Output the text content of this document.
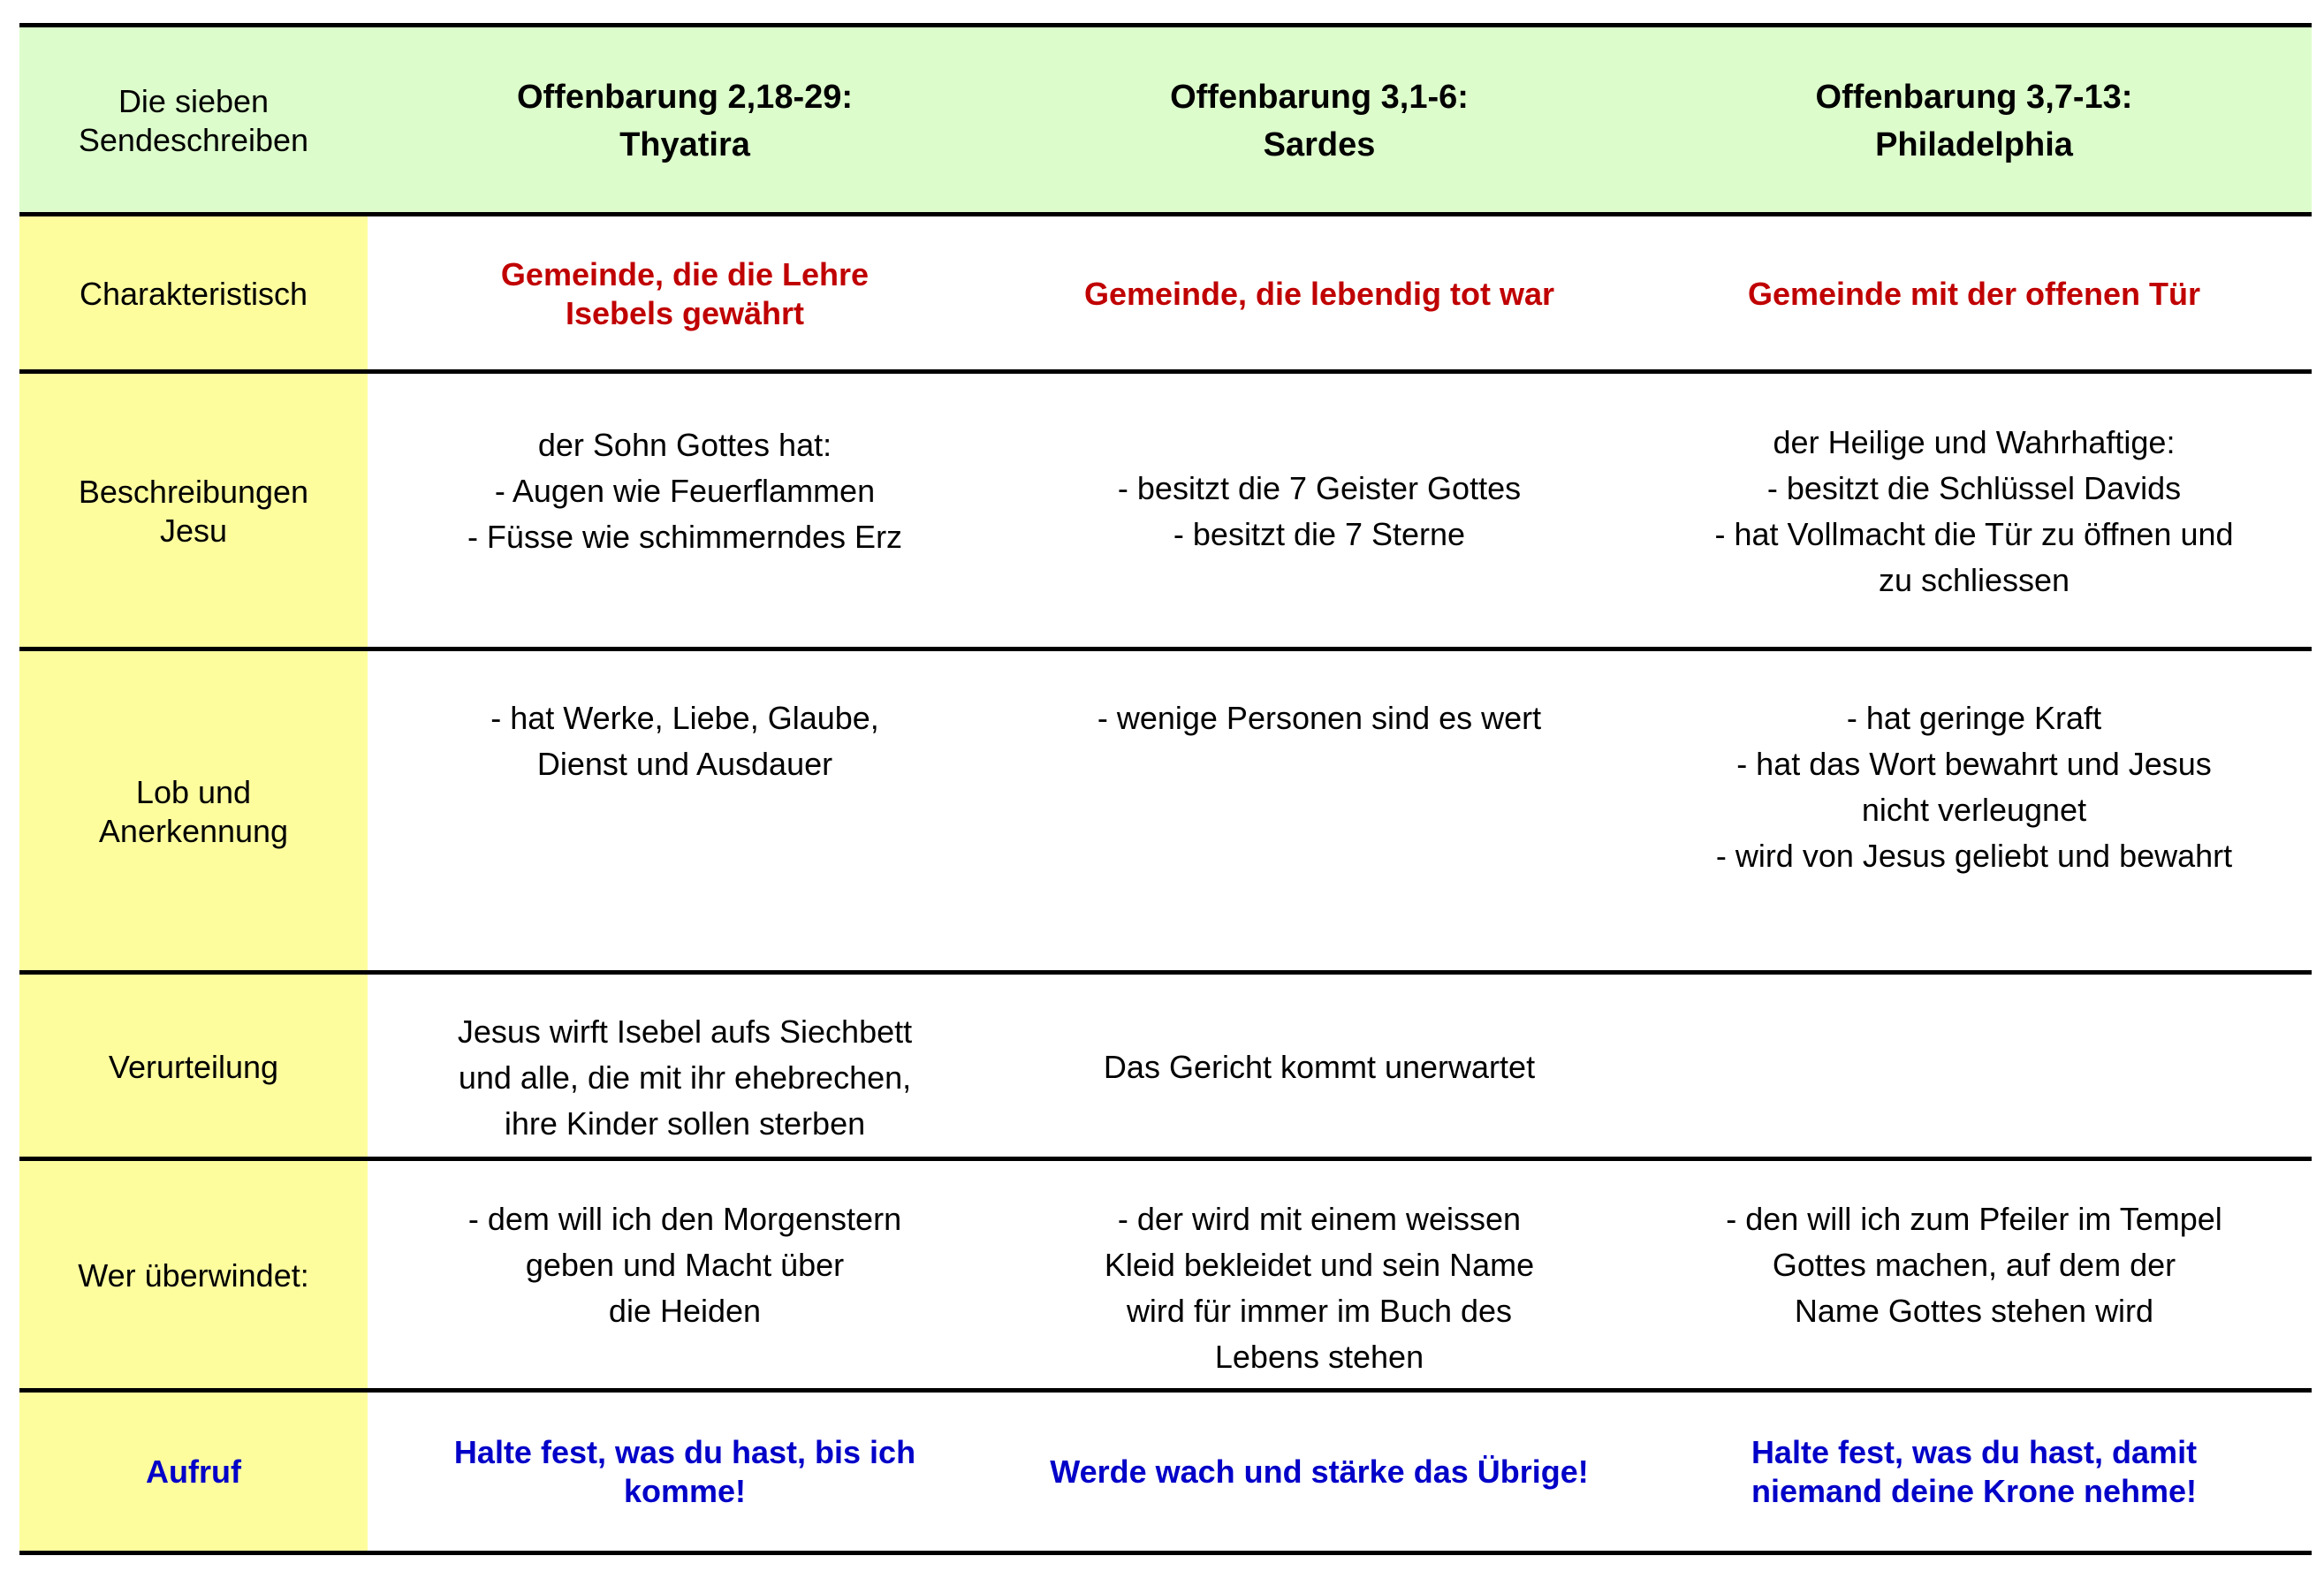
Die sieben
Sendeschreiben
Offenbarung 2,18-29:
Thyatira
Offenbarung 3,1-6:
Sardes
Offenbarung 3,7-13:
Philadelphia
Charakteristisch
Gemeinde, die die Lehre
Isebels gewährt
Gemeinde, die lebendig tot war	Gemeinde mit der offenen Tür
Beschreibungen
Jesu
der Sohn Gottes hat:
- Augen wie Feuerflammen
- Füsse wie schimmerndes Erz
- besitzt die 7 Geister Gottes
- besitzt die 7 Sterne
der Heilige und Wahrhaftige:
- besitzt die Schlüssel Davids
- hat Vollmacht die Tür zu öffnen und
zu schliessen
Lob und
Anerkennung
- hat Werke, Liebe, Glaube,
Dienst und Ausdauer
- wenige Personen sind es wert	- hat geringe Kraft
- hat das Wort bewahrt und Jesus
nicht verleugnet
- wird von Jesus geliebt und bewahrt
Verurteilung
Jesus wirft Isebel aufs Siechbett
und alle, die mit ihr ehebrechen,
ihre Kinder sollen sterben
Das Gericht kommt unerwartet
Wer überwindet:
- dem will ich den Morgenstern
geben und Macht über
die Heiden
- der wird mit einem weissen
Kleid bekleidet und sein Name
wird für immer im Buch des
Lebens stehen
- den will ich zum Pfeiler im Tempel
Gottes machen, auf dem der
Name Gottes stehen wird
Aufruf
Halte fest, was du hast, bis ich
komme!
Werde wach und stärke das Übrige!
Halte fest, was du hast, damit
niemand deine Krone nehme!
